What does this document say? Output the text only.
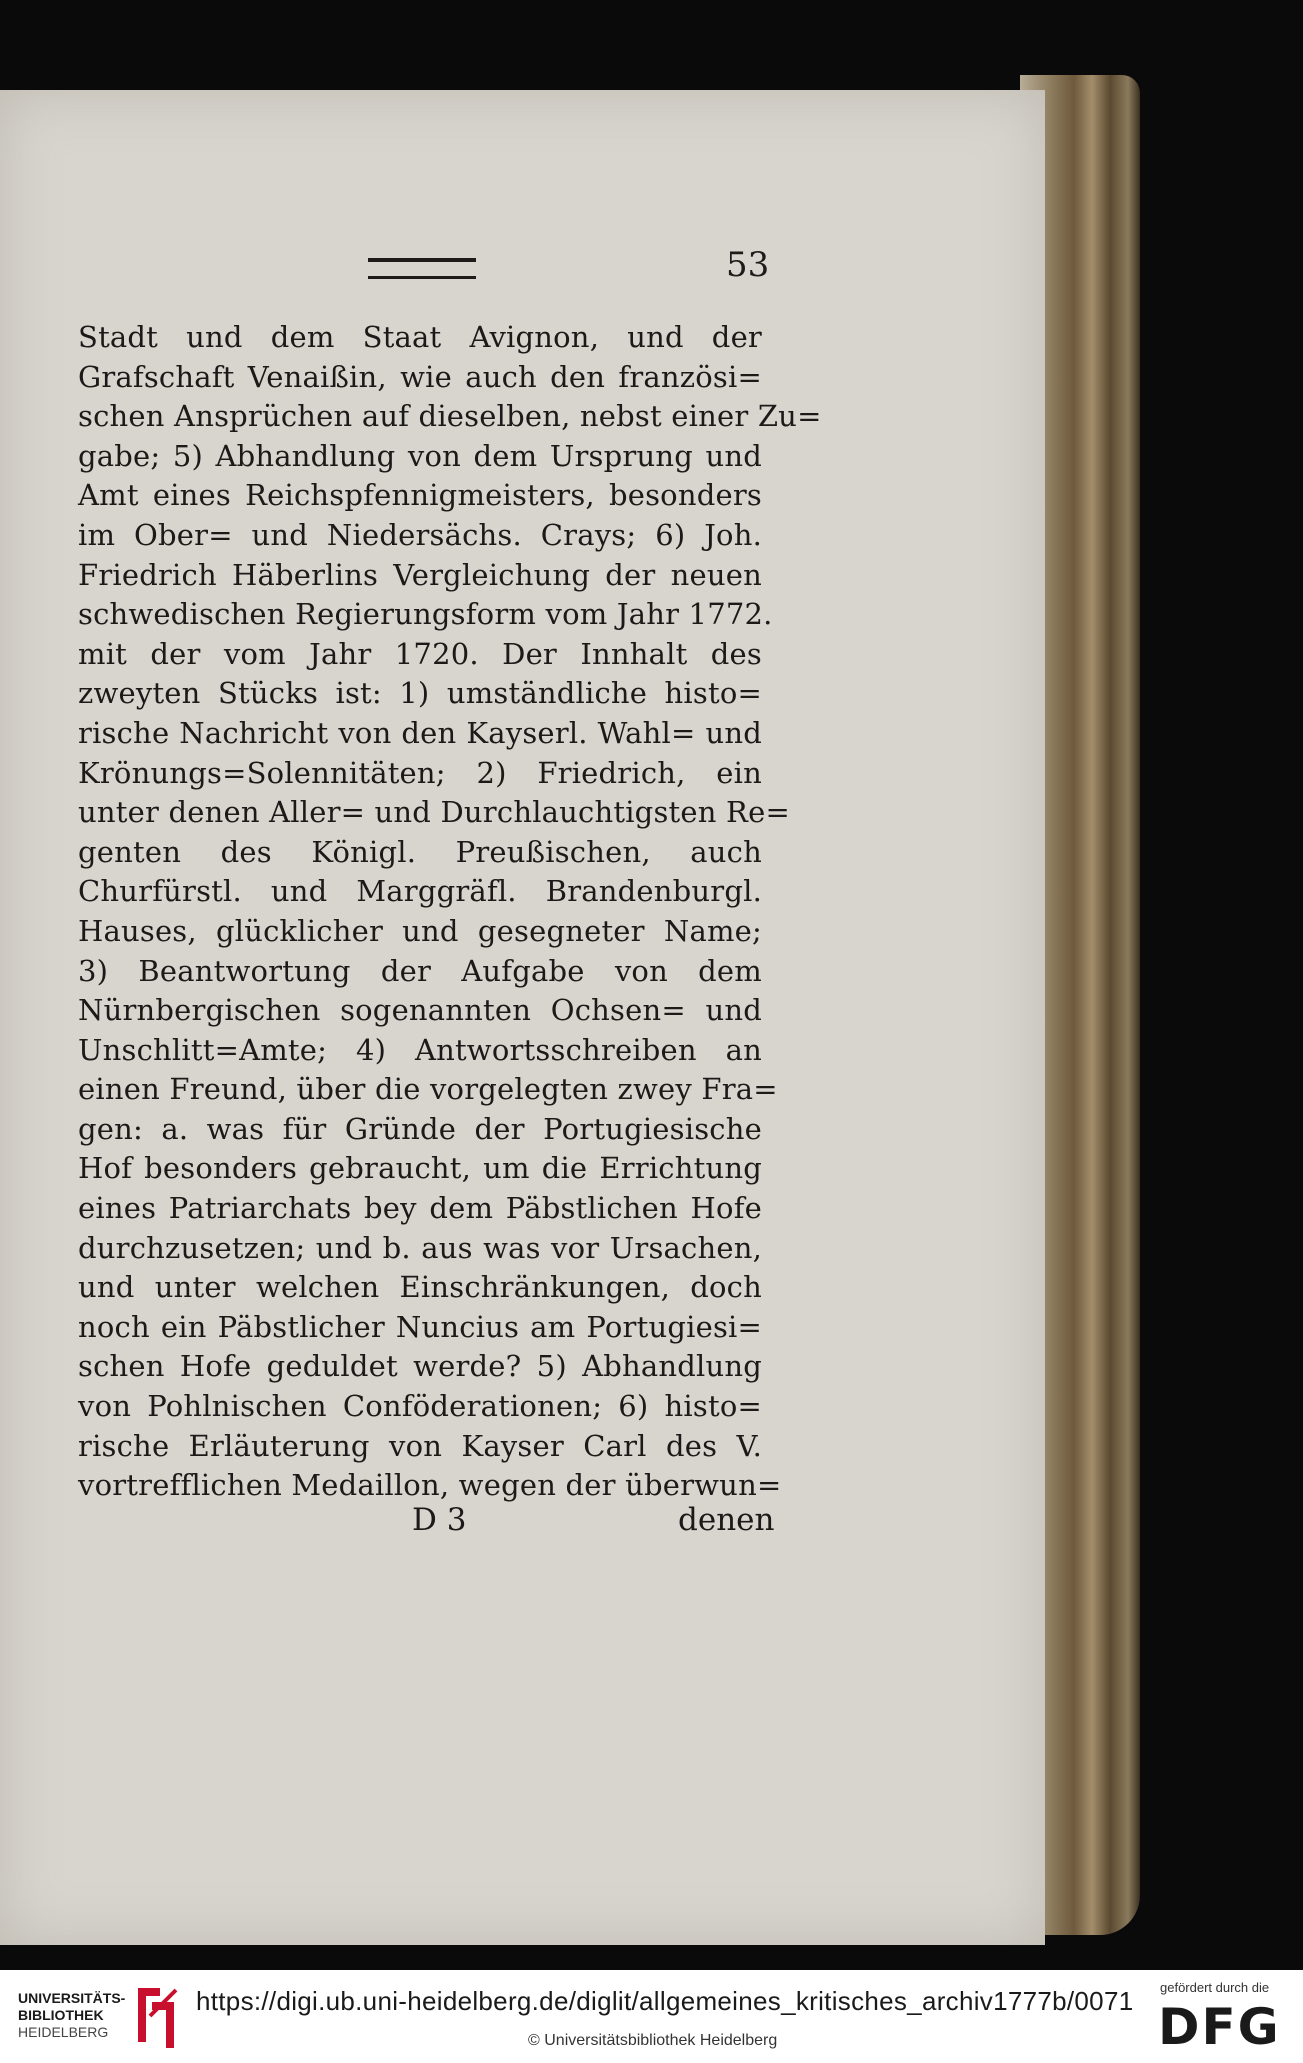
53
Stadt und dem Staat Avignon, und der
Grafschaft Venaißin, wie auch den französi=
schen Ansprüchen auf dieselben, nebst einer Zu=
gabe; 5) Abhandlung von dem Ursprung und
Amt eines Reichspfennigmeisters, besonders
im Ober= und Niedersächs. Crays; 6) Joh.
Friedrich Häberlins Vergleichung der neuen
schwedischen Regierungsform vom Jahr 1772.
mit der vom Jahr 1720. Der Innhalt des
zweyten Stücks ist: 1) umständliche histo=
rische Nachricht von den Kayserl. Wahl= und
Krönungs=Solennitäten; 2) Friedrich, ein
unter denen Aller= und Durchlauchtigsten Re=
genten des Königl. Preußischen, auch
Churfürstl. und Marggräfl. Brandenburgl.
Hauses, glücklicher und gesegneter Name;
3) Beantwortung der Aufgabe von dem
Nürnbergischen sogenannten Ochsen= und
Unschlitt=Amte; 4) Antwortsschreiben an
einen Freund, über die vorgelegten zwey Fra=
gen: a. was für Gründe der Portugiesische
Hof besonders gebraucht, um die Errichtung
eines Patriarchats bey dem Päbstlichen Hofe
durchzusetzen; und b. aus was vor Ursachen,
und unter welchen Einschränkungen, doch
noch ein Päbstlicher Nuncius am Portugiesi=
schen Hofe geduldet werde? 5) Abhandlung
von Pohlnischen Conföderationen; 6) histo=
rische Erläuterung von Kayser Carl des V.
vortrefflichen Medaillon, wegen der überwun=
D 3	denen
UNIVERSITÄTS-
BIBLIOTHEK
HEIDELBERG
https://digi.ub.uni-heidelberg.de/diglit/allgemeines_kritisches_archiv1777b/0071
© Universitätsbibliothek Heidelberg
gefördert durch die
DFG
